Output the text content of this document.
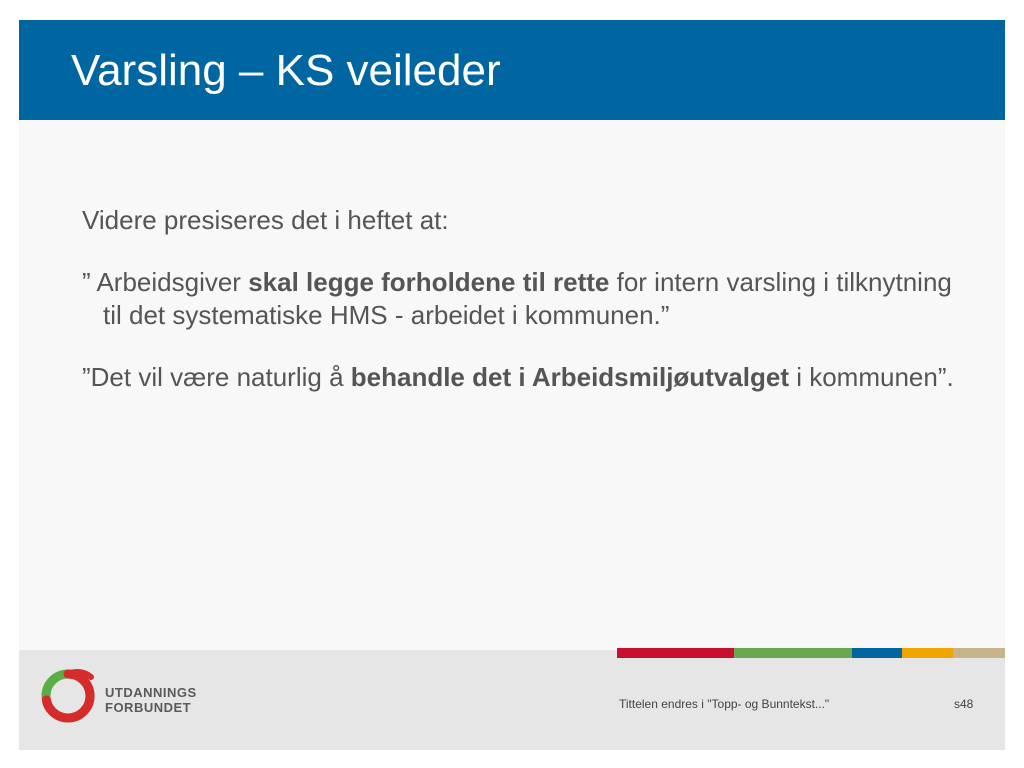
Varsling – KS veileder

Videre presiseres det i heftet at:

” Arbeidsgiver skal legge forholdene til rette for intern varsling i tilknytning til det systematiske HMS - arbeidet i kommunen.”

”Det vil være naturlig å behandle det i Arbeidsmiljøutvalget i kommunen”.

UTDANNINGS
FORBUNDET	Tittelen endres i "Topp- og Bunntekst..."	s48
